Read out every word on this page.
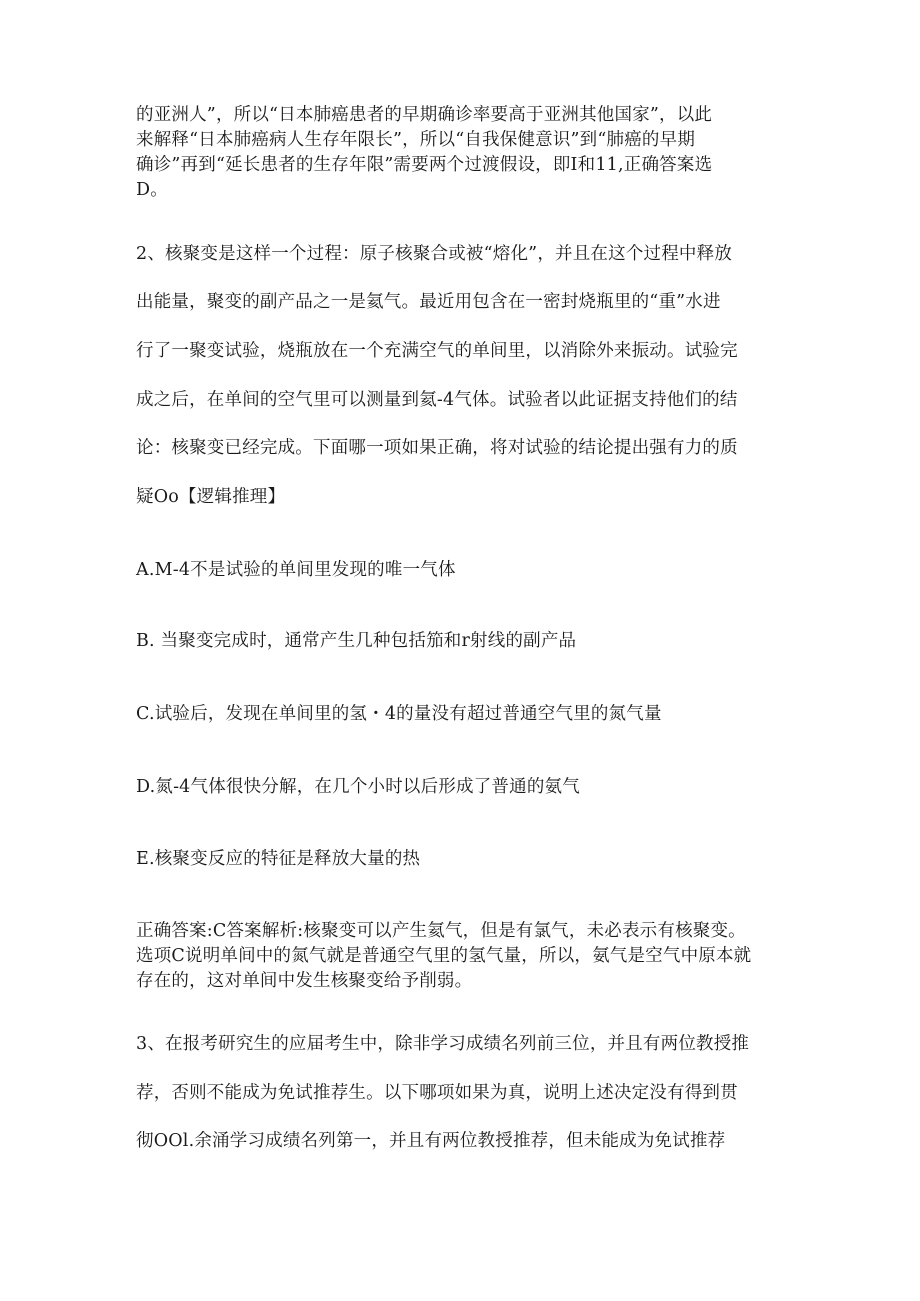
的亚洲人”，所以“日本肺癌患者的早期确诊率要高于亚洲其他国家”，以此
来解释“日本肺癌病人生存年限长”，所以“自我保健意识”到“肺癌的早期
确诊”再到“延长患者的生存年限”需要两个过渡假设，即Ⅰ和11,正确答案选
D。
2、核聚变是这样一个过程：原子核聚合或被“熔化”，并且在这个过程中释放
出能量，聚变的副产品之一是氦气。最近用包含在一密封烧瓶里的“重”水进
行了一聚变试验，烧瓶放在一个充满空气的单间里，以消除外来振动。试验完
成之后，在单间的空气里可以测量到氦-4气体。试验者以此证据支持他们的结
论：核聚变已经完成。下面哪一项如果正确，将对试验的结论提出强有力的质
疑Oo【逻辑推理】
A.M-4不是试验的单间里发现的唯一气体
B. 当聚变完成时，通常产生几种包括笳和r射线的副产品
C.试验后，发现在单间里的氢・4的量没有超过普通空气里的氮气量
D.氮-4气体很快分解，在几个小时以后形成了普通的氨气
E.核聚变反应的特征是释放大量的热
正确答案:C答案解析:核聚变可以产生氦气，但是有氯气，未必表示有核聚变。
选项C说明单间中的氮气就是普通空气里的氢气量，所以，氨气是空气中原本就
存在的，这对单间中发生核聚变给予削弱。
3、在报考研究生的应届考生中，除非学习成绩名列前三位，并且有两位教授推
荐，否则不能成为免试推荐生。以下哪项如果为真，说明上述决定没有得到贯
彻OOl.余涌学习成绩名列第一，并且有两位教授推荐，但未能成为免试推荐
